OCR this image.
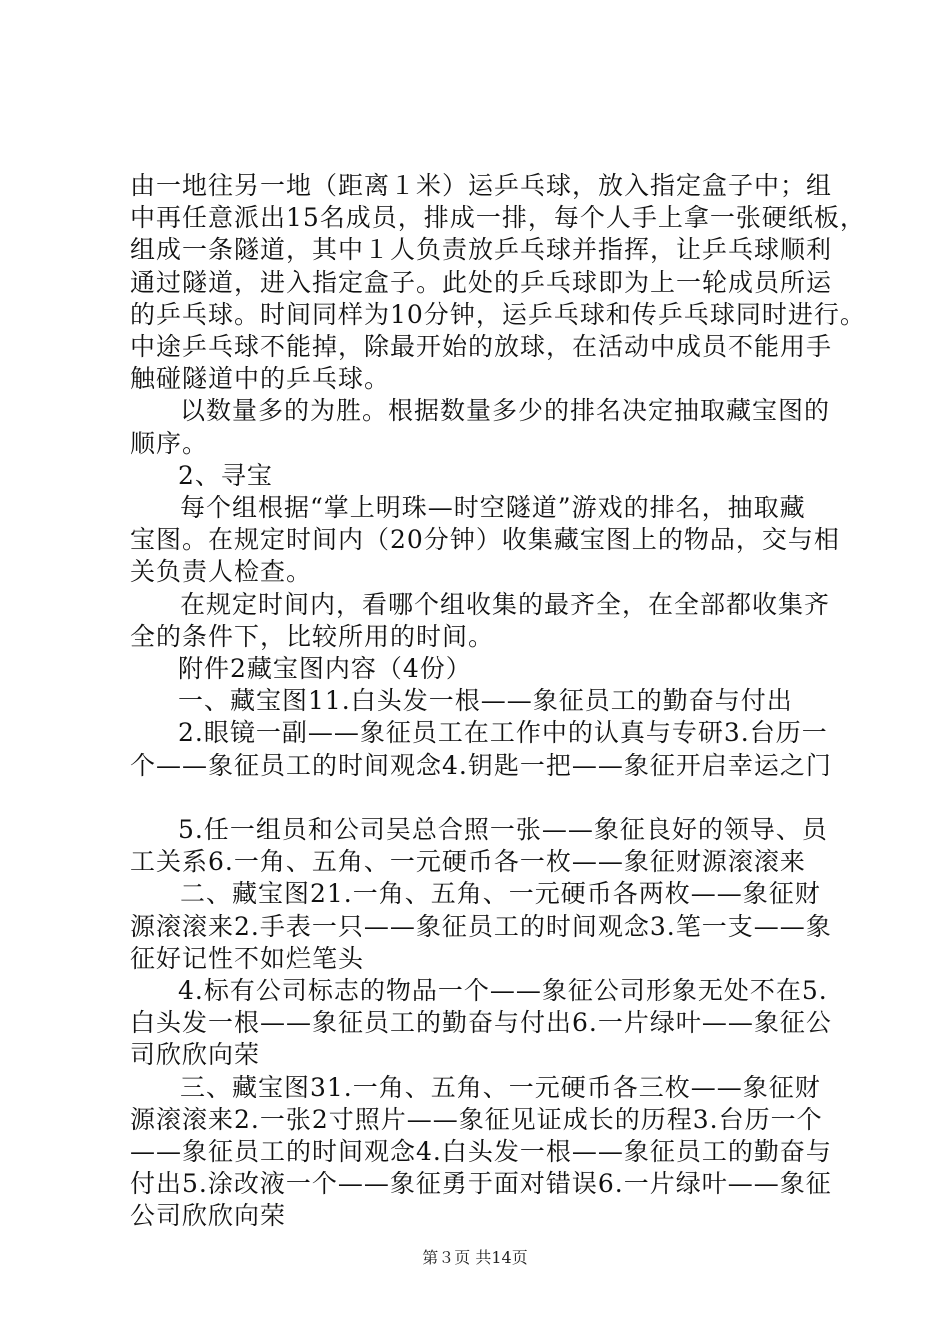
由一地往另一地（距离１米）运乒乓球，放入指定盒子中；组
中再任意派出15名成员，排成一排，每个人手上拿一张硬纸板，
组成一条隧道，其中１人负责放乒乓球并指挥，让乒乓球顺利
通过隧道，进入指定盒子。此处的乒乓球即为上一轮成员所运
的乒乓球。时间同样为10分钟，运乒乓球和传乒乓球同时进行。
中途乒乓球不能掉，除最开始的放球，在活动中成员不能用手
触碰隧道中的乒乓球。
以数量多的为胜。根据数量多少的排名决定抽取藏宝图的
顺序。
2、寻宝
每个组根据“掌上明珠—时空隧道”游戏的排名，抽取藏
宝图。在规定时间内（20分钟）收集藏宝图上的物品，交与相
关负责人检查。
在规定时间内，看哪个组收集的最齐全，在全部都收集齐
全的条件下，比较所用的时间。
附件2藏宝图内容（4份）
一、藏宝图11.白头发一根——象征员工的勤奋与付出
2.眼镜一副——象征员工在工作中的认真与专研3.台历一
个——象征员工的时间观念4.钥匙一把——象征开启幸运之门
5.任一组员和公司吴总合照一张——象征良好的领导、员
工关系6.一角、五角、一元硬币各一枚——象征财源滚滚来
二、藏宝图21.一角、五角、一元硬币各两枚——象征财
源滚滚来2.手表一只——象征员工的时间观念3.笔一支——象
征好记性不如烂笔头
4.标有公司标志的物品一个——象征公司形象无处不在5.
白头发一根——象征员工的勤奋与付出6.一片绿叶——象征公
司欣欣向荣
三、藏宝图31.一角、五角、一元硬币各三枚——象征财
源滚滚来2.一张2寸照片——象征见证成长的历程3.台历一个
——象征员工的时间观念4.白头发一根——象征员工的勤奋与
付出5.涂改液一个——象征勇于面对错误6.一片绿叶——象征
公司欣欣向荣
第３页 共14页
